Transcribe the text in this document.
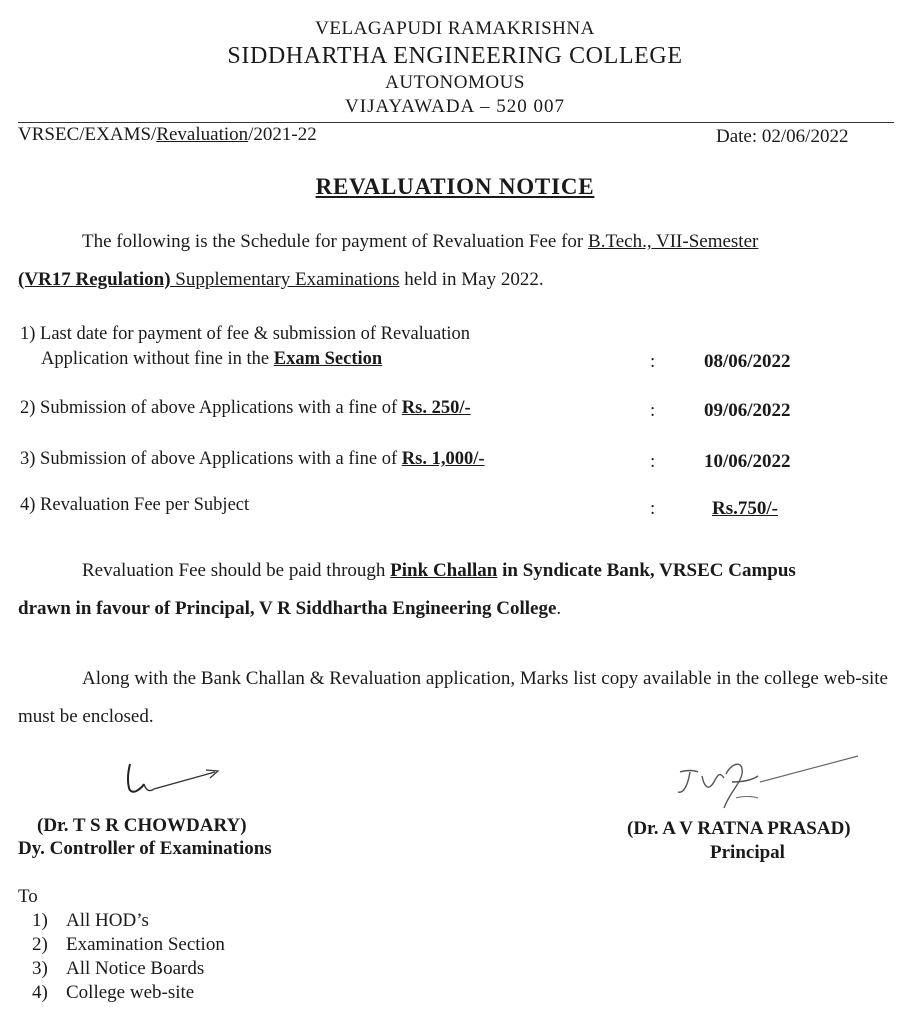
VELAGAPUDI RAMAKRISHNA
SIDDHARTHA ENGINEERING COLLEGE
AUTONOMOUS
VIJAYAWADA – 520 007
VRSEC/EXAMS/Revaluation/2021-22	Date: 02/06/2022
REVALUATION NOTICE
The following is the Schedule for payment of Revaluation Fee for B.Tech., VII-Semester
(VR17 Regulation) Supplementary Examinations held in May 2022.
1) Last date for payment of fee & submission of Revaluation
Application without fine in the Exam Section	:	08/06/2022
2) Submission of above Applications with a fine of Rs. 250/-	:	09/06/2022
3) Submission of above Applications with a fine of Rs. 1,000/-	:	10/06/2022
4) Revaluation Fee per Subject	:	Rs.750/-
Revaluation Fee should be paid through Pink Challan in Syndicate Bank, VRSEC Campus
drawn in favour of Principal, V R Siddhartha Engineering College.
Along with the Bank Challan & Revaluation application, Marks list copy available in the college web-site must be enclosed.
(Dr. T S R CHOWDARY)
Dy. Controller of Examinations
(Dr. A V RATNA PRASAD)
Principal
To
1) All HOD’s
2) Examination Section
3) All Notice Boards
4) College web-site
